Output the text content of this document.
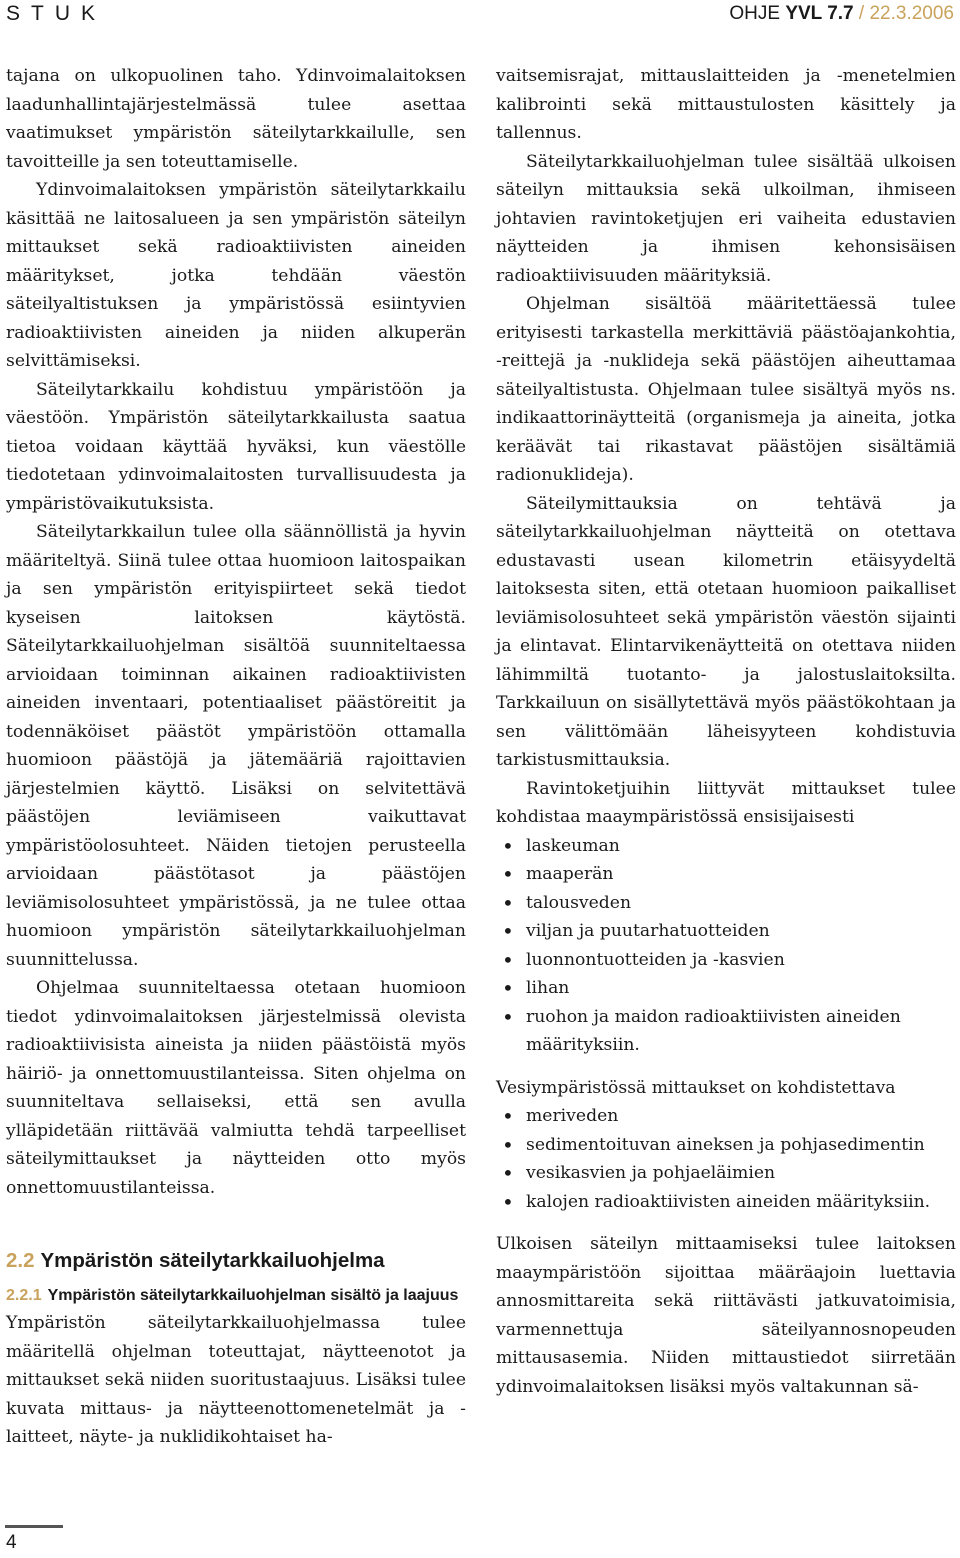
STUK	OHJE YVL 7.7 / 22.3.2006

tajana on ulkopuolinen taho. Ydinvoimalaitoksen laadunhallintajärjestelmässä tulee asettaa vaatimukset ympäristön säteilytarkkailulle, sen tavoitteille ja sen toteuttamiselle.

Ydinvoimalaitoksen ympäristön säteilytarkkailu käsittää ne laitosalueen ja sen ympäristön säteilyn mittaukset sekä radioaktiivisten aineiden määritykset, jotka tehdään väestön säteilyaltistuksen ja ympäristössä esiintyvien radioaktiivisten aineiden ja niiden alkuperän selvittämiseksi.

Säteilytarkkailu kohdistuu ympäristöön ja väestöön. Ympäristön säteilytarkkailusta saatua tietoa voidaan käyttää hyväksi, kun väestölle tiedotetaan ydinvoimalaitosten turvallisuudesta ja ympäristövaikutuksista.

Säteilytarkkailun tulee olla säännöllistä ja hyvin määriteltyä. Siinä tulee ottaa huomioon laitospaikan ja sen ympäristön erityispiirteet sekä tiedot kyseisen laitoksen käytöstä. Säteilytarkkailuohjelman sisältöä suunniteltaessa arvioidaan toiminnan aikainen radioaktiivisten aineiden inventaari, potentiaaliset päästöreitit ja todennäköiset päästöt ympäristöön ottamalla huomioon päästöjä ja jätemääriä rajoittavien järjestelmien käyttö. Lisäksi on selvitettävä päästöjen leviämiseen vaikuttavat ympäristöolosuhteet. Näiden tietojen perusteella arvioidaan päästötasot ja päästöjen leviämisolosuhteet ympäristössä, ja ne tulee ottaa huomioon ympäristön säteilytarkkailuohjelman suunnittelussa.

Ohjelmaa suunniteltaessa otetaan huomioon tiedot ydinvoimalaitoksen järjestelmissä olevista radioaktiivisista aineista ja niiden päästöistä myös häiriö- ja onnettomuustilanteissa. Siten ohjelma on suunniteltava sellaiseksi, että sen avulla ylläpidetään riittävää valmiutta tehdä tarpeelliset säteilymittaukset ja näytteiden otto myös onnettomuustilanteissa.

2.2 Ympäristön säteilytarkkailuohjelma
2.2.1 Ympäristön säteilytarkkailuohjelman sisältö ja laajuus

Ympäristön säteilytarkkailuohjelmassa tulee määritellä ohjelman toteuttajat, näytteenotot ja mittaukset sekä niiden suoritustaajuus. Lisäksi tulee kuvata mittaus- ja näytteenottomenetelmät ja -laitteet, näyte- ja nuklidikohtaiset ha-

vaitsemisrajat, mittauslaitteiden ja -menetelmien kalibrointi sekä mittaustulosten käsittely ja tallennus.

Säteilytarkkailuohjelman tulee sisältää ulkoisen säteilyn mittauksia sekä ulkoilman, ihmiseen johtavien ravintoketjujen eri vaiheita edustavien näytteiden ja ihmisen kehonsisäisen radioaktiivisuuden määrityksiä.

Ohjelman sisältöä määritettäessä tulee erityisesti tarkastella merkittäviä päästöajankohtia, -reittejä ja -nuklideja sekä päästöjen aiheuttamaa säteilyaltistusta. Ohjelmaan tulee sisältyä myös ns. indikaattorinäytteitä (organismeja ja aineita, jotka keräävät tai rikastavat päästöjen sisältämiä radionuklideja).

Säteilymittauksia on tehtävä ja säteilytarkkailuohjelman näytteitä on otettava edustavasti usean kilometrin etäisyydeltä laitoksesta siten, että otetaan huomioon paikalliset leviämisolosuhteet sekä ympäristön väestön sijainti ja elintavat. Elintarvikenäytteitä on otettava niiden lähimmiltä tuotanto- ja jalostuslaitoksilta. Tarkkailuun on sisällytettävä myös päästökohtaan ja sen välittömään läheisyyteen kohdistuvia tarkistusmittauksia.

Ravintoketjuihin liittyvät mittaukset tulee kohdistaa maaympäristössä ensisijaisesti

• laskeuman
• maaperän
• talousveden
• viljan ja puutarhatuotteiden
• luonnontuotteiden ja -kasvien
• lihan
• ruohon ja maidon radioaktiivisten aineiden määrityksiin.

Vesiympäristössä mittaukset on kohdistettava

• meriveden
• sedimentoituvan aineksen ja pohjasedimentin
• vesikasvien ja pohjaeläimien
• kalojen radioaktiivisten aineiden määrityksiin.

Ulkoisen säteilyn mittaamiseksi tulee laitoksen maaympäristöön sijoittaa määräajoin luettavia annosmittareita sekä riittävästi jatkuvatoimisia, varmennettuja säteilyannosnopeuden mittausasemia. Niiden mittaustiedot siirretään ydinvoimalaitoksen lisäksi myös valtakunnan sä-

4
